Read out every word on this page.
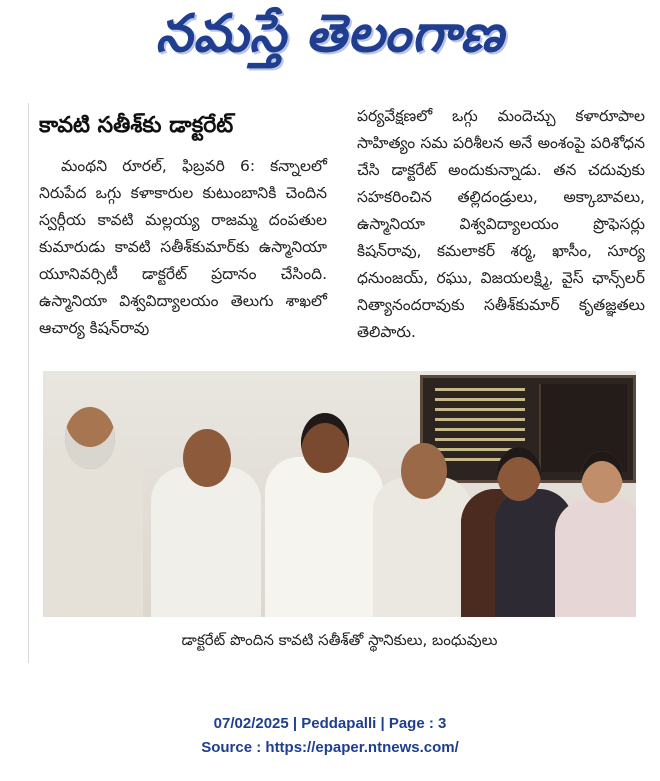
నమస్తే తెలంగాణ
కావటి సతీశ్‌కు డాక్టరేట్

మంథని రూరల్, ఫిబ్రవరి 6: కన్నాలలో నిరుపేద ఒగ్గు కళాకారుల కుటుంబానికి చెందిన స్వర్గీయ కావటి మల్లయ్య రాజమ్మ దంపతుల కుమారుడు కావటి సతీశ్‌కుమార్‌కు ఉస్మానియా యూనివర్సిటీ డాక్టరేట్ ప్రదానం చేసింది. ఉస్మానియా విశ్వవిద్యాలయం తెలుగు శాఖలో ఆచార్య కిషన్‌రావు

పర్యవేక్షణలో ఒగ్గు మందెచ్చు కళారూపాల సాహిత్యం సమ పరిశీలన అనే అంశంపై పరిశోధన చేసి డాక్టరేట్ అందుకున్నాడు. తన చదువుకు సహకరించిన తల్లిదండ్రులు, అక్కాబావలు, ఉస్మానియా విశ్వవిద్యాలయం ప్రొఫెసర్లు కిషన్‌రావు, కమలాకర్ శర్మ, ఖాసీం, సూర్య ధనుంజయ్, రఘు, విజయలక్ష్మి, వైస్ ఛాన్స్‌లర్ నిత్యానందరావుకు సతీశ్‌కుమార్ కృతజ్ఞతలు తెలిపారు.

డాక్టరేట్ పొందిన కావటి సతీశ్‌తో స్థానికులు, బంధువులు
07/02/2025 | Peddapalli | Page : 3
Source : https://epaper.ntnews.com/
